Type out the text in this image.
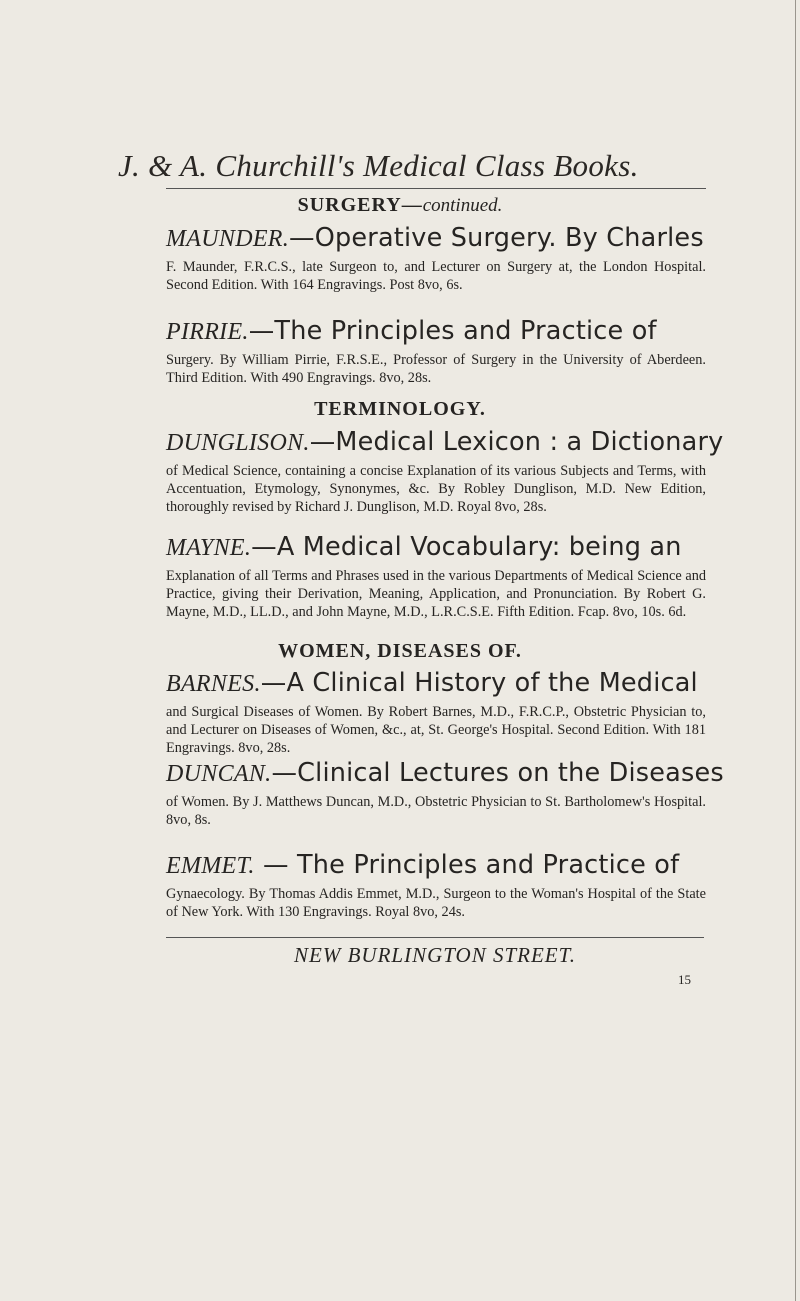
J. & A. Churchill's Medical Class Books.
SURGERY—continued.
MAUNDER.—Operative Surgery. By Charles
F. Maunder, F.R.C.S., late Surgeon to, and Lecturer on Surgery at, the London Hospital. Second Edition. With 164 Engravings. Post 8vo, 6s.
PIRRIE.—The Principles and Practice of
Surgery. By William Pirrie, F.R.S.E., Professor of Surgery in the University of Aberdeen. Third Edition. With 490 Engravings. 8vo, 28s.
TERMINOLOGY.
DUNGLISON.—Medical Lexicon : a Dictionary
of Medical Science, containing a concise Explanation of its various Subjects and Terms, with Accentuation, Etymology, Synonymes, &c. By Robley Dunglison, M.D. New Edition, thoroughly revised by Richard J. Dunglison, M.D. Royal 8vo, 28s.
MAYNE.—A Medical Vocabulary: being an
Explanation of all Terms and Phrases used in the various Departments of Medical Science and Practice, giving their Derivation, Meaning, Application, and Pronunciation. By Robert G. Mayne, M.D., LL.D., and John Mayne, M.D., L.R.C.S.E. Fifth Edition. Fcap. 8vo, 10s. 6d.
WOMEN, DISEASES OF.
BARNES.—A Clinical History of the Medical
and Surgical Diseases of Women. By Robert Barnes, M.D., F.R.C.P., Obstetric Physician to, and Lecturer on Diseases of Women, &c., at, St. George's Hospital. Second Edition. With 181 Engravings. 8vo, 28s.
DUNCAN.—Clinical Lectures on the Diseases
of Women. By J. Matthews Duncan, M.D., Obstetric Physician to St. Bartholomew's Hospital. 8vo, 8s.
EMMET. — The Principles and Practice of
Gynaecology. By Thomas Addis Emmet, M.D., Surgeon to the Woman's Hospital of the State of New York. With 130 Engravings. Royal 8vo, 24s.
NEW BURLINGTON STREET.
15
